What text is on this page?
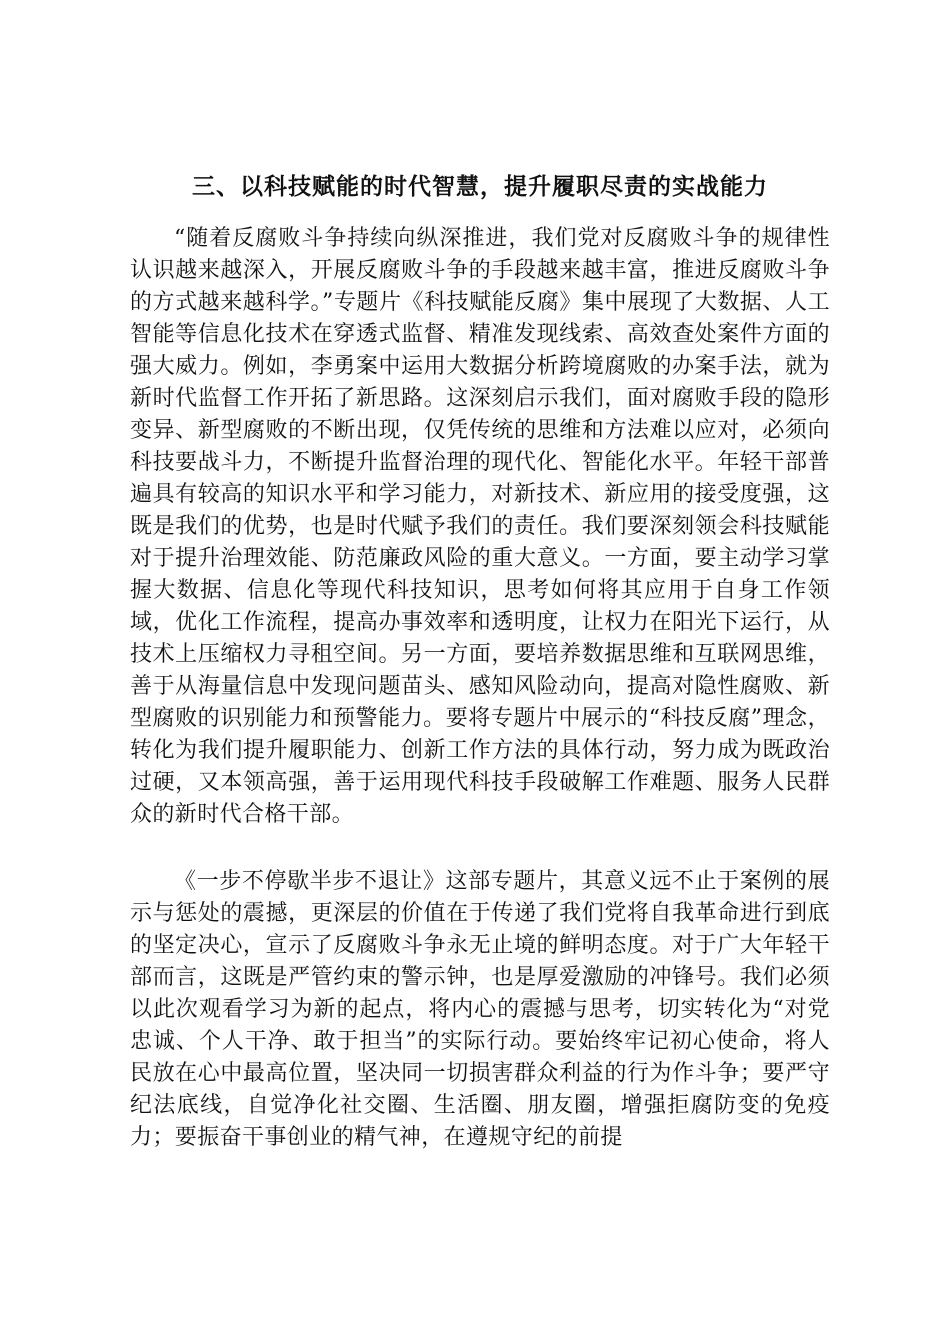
三、以科技赋能的时代智慧，提升履职尽责的实战能力

“随着反腐败斗争持续向纵深推进，我们党对反腐败斗争的规律性认识越来越深入，开展反腐败斗争的手段越来越丰富，推进反腐败斗争的方式越来越科学。”专题片《科技赋能反腐》集中展现了大数据、人工智能等信息化技术在穿透式监督、精准发现线索、高效查处案件方面的强大威力。例如，李勇案中运用大数据分析跨境腐败的办案手法，就为新时代监督工作开拓了新思路。这深刻启示我们，面对腐败手段的隐形变异、新型腐败的不断出现，仅凭传统的思维和方法难以应对，必须向科技要战斗力，不断提升监督治理的现代化、智能化水平。年轻干部普遍具有较高的知识水平和学习能力，对新技术、新应用的接受度强，这既是我们的优势，也是时代赋予我们的责任。我们要深刻领会科技赋能对于提升治理效能、防范廉政风险的重大意义。一方面，要主动学习掌握大数据、信息化等现代科技知识，思考如何将其应用于自身工作领域，优化工作流程，提高办事效率和透明度，让权力在阳光下运行，从技术上压缩权力寻租空间。另一方面，要培养数据思维和互联网思维，善于从海量信息中发现问题苗头、感知风险动向，提高对隐性腐败、新型腐败的识别能力和预警能力。要将专题片中展示的“科技反腐”理念，转化为我们提升履职能力、创新工作方法的具体行动，努力成为既政治过硬，又本领高强，善于运用现代科技手段破解工作难题、服务人民群众的新时代合格干部。

《一步不停歇半步不退让》这部专题片，其意义远不止于案例的展示与惩处的震撼，更深层的价值在于传递了我们党将自我革命进行到底的坚定决心，宣示了反腐败斗争永无止境的鲜明态度。对于广大年轻干部而言，这既是严管约束的警示钟，也是厚爱激励的冲锋号。我们必须以此次观看学习为新的起点，将内心的震撼与思考，切实转化为“对党忠诚、个人干净、敢于担当”的实际行动。要始终牢记初心使命，将人民放在心中最高位置，坚决同一切损害群众利益的行为作斗争；要严守纪法底线，自觉净化社交圈、生活圈、朋友圈，增强拒腐防变的免疫力；要振奋干事创业的精气神，在遵规守纪的前提
